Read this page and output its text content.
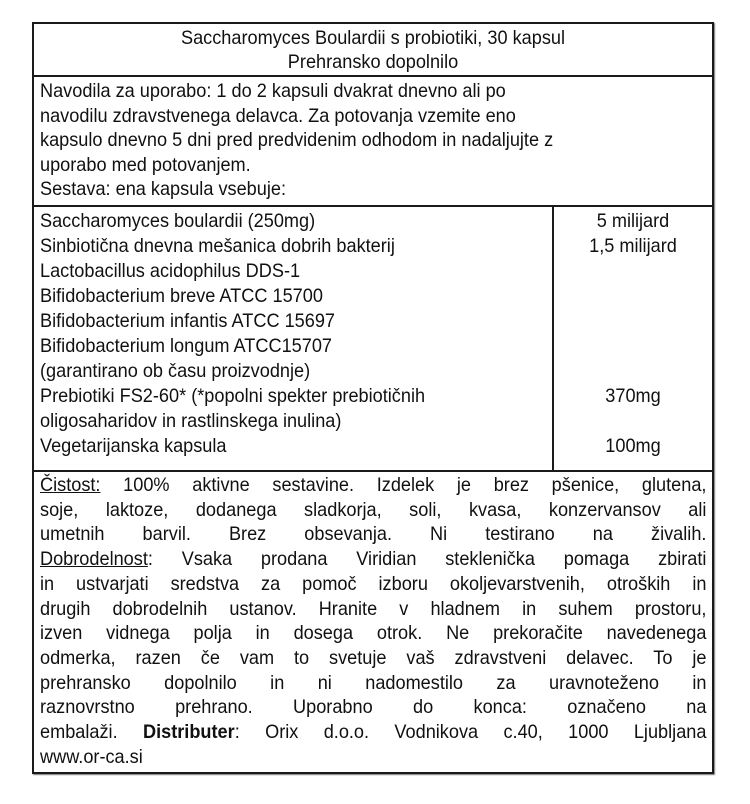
Saccharomyces Boulardii s probiotiki, 30 kapsul
Prehransko dopolnilo
Navodila za uporabo: 1 do 2 kapsuli dvakrat dnevno ali po
navodilu zdravstvenega delavca. Za potovanja vzemite eno
kapsulo dnevno 5 dni pred predvidenim odhodom in nadaljujte z
uporabo med potovanjem.
Sestava: ena kapsula vsebuje:
Saccharomyces boulardii (250mg)
Sinbiotična dnevna mešanica dobrih bakterij
Lactobacillus acidophilus DDS-1
Bifidobacterium breve ATCC 15700
Bifidobacterium infantis ATCC 15697
Bifidobacterium longum ATCC15707
(garantirano ob času proizvodnje)
Prebiotiki FS2-60* (*popolni spekter prebiotičnih
oligosaharidov in rastlinskega inulina)
Vegetarijanska kapsula
5 milijard
1,5 milijard
370mg
100mg
Čistost: 100% aktivne sestavine. Izdelek je brez pšenice, glutena,
soje, laktoze, dodanega sladkorja, soli, kvasa, konzervansov ali
umetnih barvil. Brez obsevanja. Ni testirano na živalih.
Dobrodelnost: Vsaka prodana Viridian steklenička pomaga zbirati
in ustvarjati sredstva za pomoč izboru okoljevarstvenih, otroških in
drugih dobrodelnih ustanov. Hranite v hladnem in suhem prostoru,
izven vidnega polja in dosega otrok. Ne prekoračite navedenega
odmerka, razen če vam to svetuje vaš zdravstveni delavec. To je
prehransko dopolnilo in ni nadomestilo za uravnoteženo in
raznovrstno prehrano. Uporabno do konca: označeno na
embalaži. Distributer: Orix d.o.o. Vodnikova c.40, 1000 Ljubljana
www.or-ca.si
